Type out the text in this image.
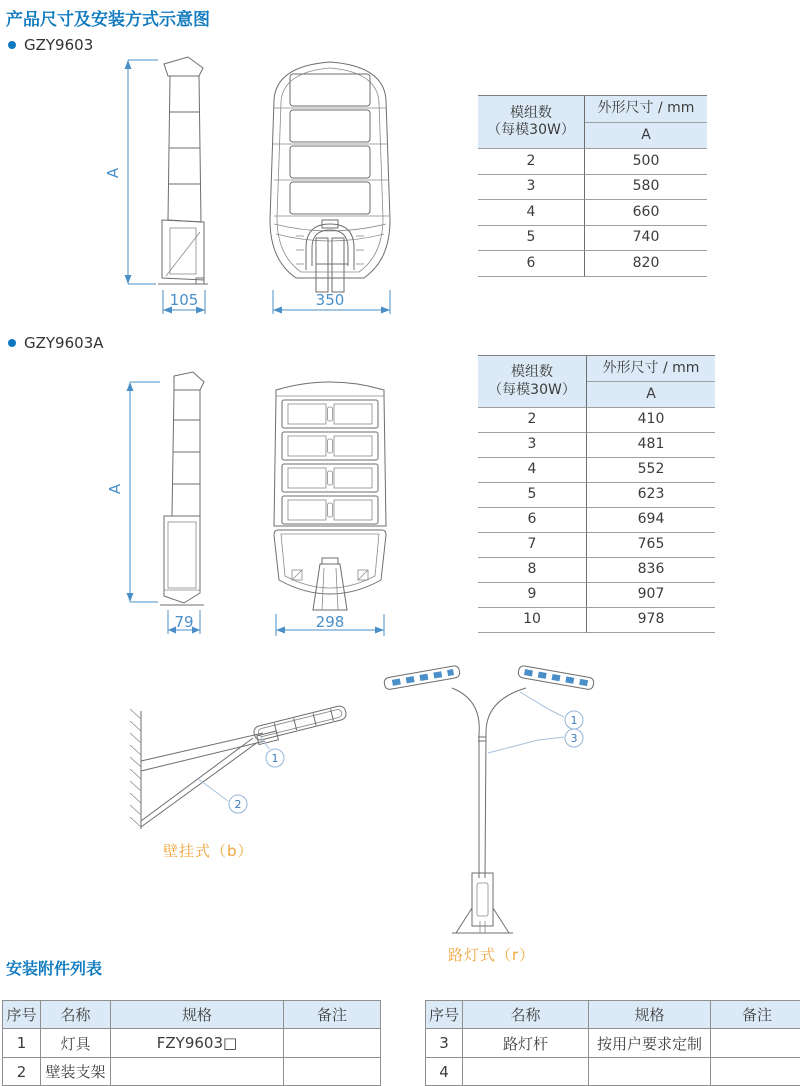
产品尺寸及安装方式示意图
GZY9603
A
105	350
模组数
（每模30W）
外形尺寸 / mm
A
2	500
3	580
4	660
5	740
6	820
GZY9603A
A
79	298
模组数
（每模30W）
外形尺寸 / mm
A
2	410
3	481
4	552
5	623
6	694
7	765
8	836
9	907
10	978
1
2
壁挂式（b）
1
3
路灯式（r）
安装附件列表
序号	名称	规格	备注
1	灯具	FZY9603□
2	壁装支架
序号	名称	规格	备注
3	路灯杆	按用户要求定制
4
